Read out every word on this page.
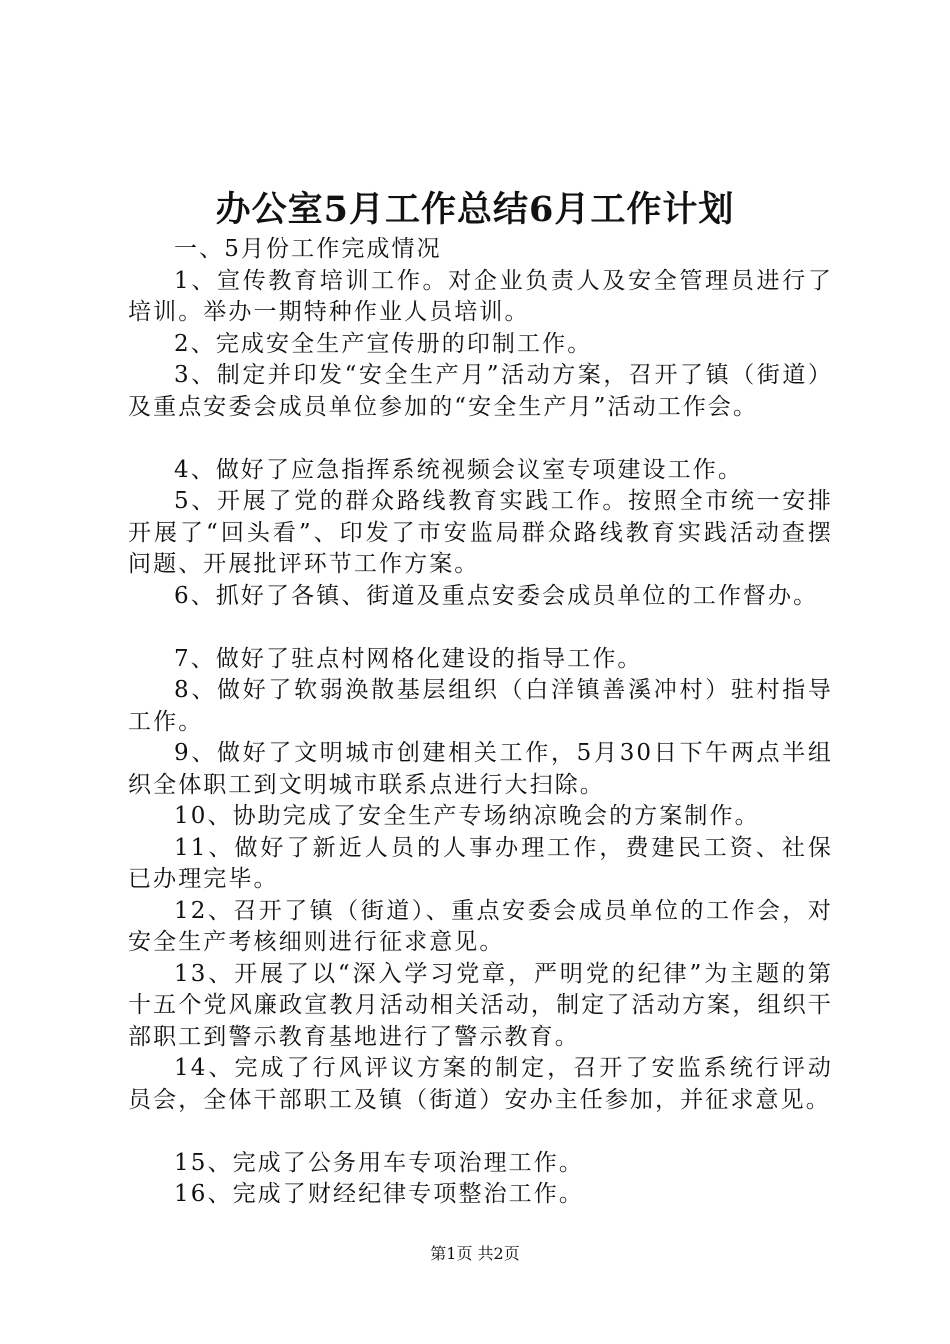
办公室5月工作总结6月工作计划

一、5月份工作完成情况

1、宣传教育培训工作。对企业负责人及安全管理员进行了培训。举办一期特种作业人员培训。

2、完成安全生产宣传册的印制工作。

3、制定并印发“安全生产月”活动方案，召开了镇（街道）及重点安委会成员单位参加的“安全生产月”活动工作会。

4、做好了应急指挥系统视频会议室专项建设工作。

5、开展了党的群众路线教育实践工作。按照全市统一安排开展了“回头看”、印发了市安监局群众路线教育实践活动查摆问题、开展批评环节工作方案。

6、抓好了各镇、街道及重点安委会成员单位的工作督办。

7、做好了驻点村网格化建设的指导工作。

8、做好了软弱涣散基层组织（白洋镇善溪冲村）驻村指导工作。

9、做好了文明城市创建相关工作，5月30日下午两点半组织全体职工到文明城市联系点进行大扫除。

10、协助完成了安全生产专场纳凉晚会的方案制作。

11、做好了新近人员的人事办理工作，费建民工资、社保已办理完毕。

12、召开了镇（街道）、重点安委会成员单位的工作会，对安全生产考核细则进行征求意见。

13、开展了以“深入学习党章，严明党的纪律”为主题的第十五个党风廉政宣教月活动相关活动，制定了活动方案，组织干部职工到警示教育基地进行了警示教育。

14、完成了行风评议方案的制定，召开了安监系统行评动员会，全体干部职工及镇（街道）安办主任参加，并征求意见。

15、完成了公务用车专项治理工作。

16、完成了财经纪律专项整治工作。

第1页 共2页
